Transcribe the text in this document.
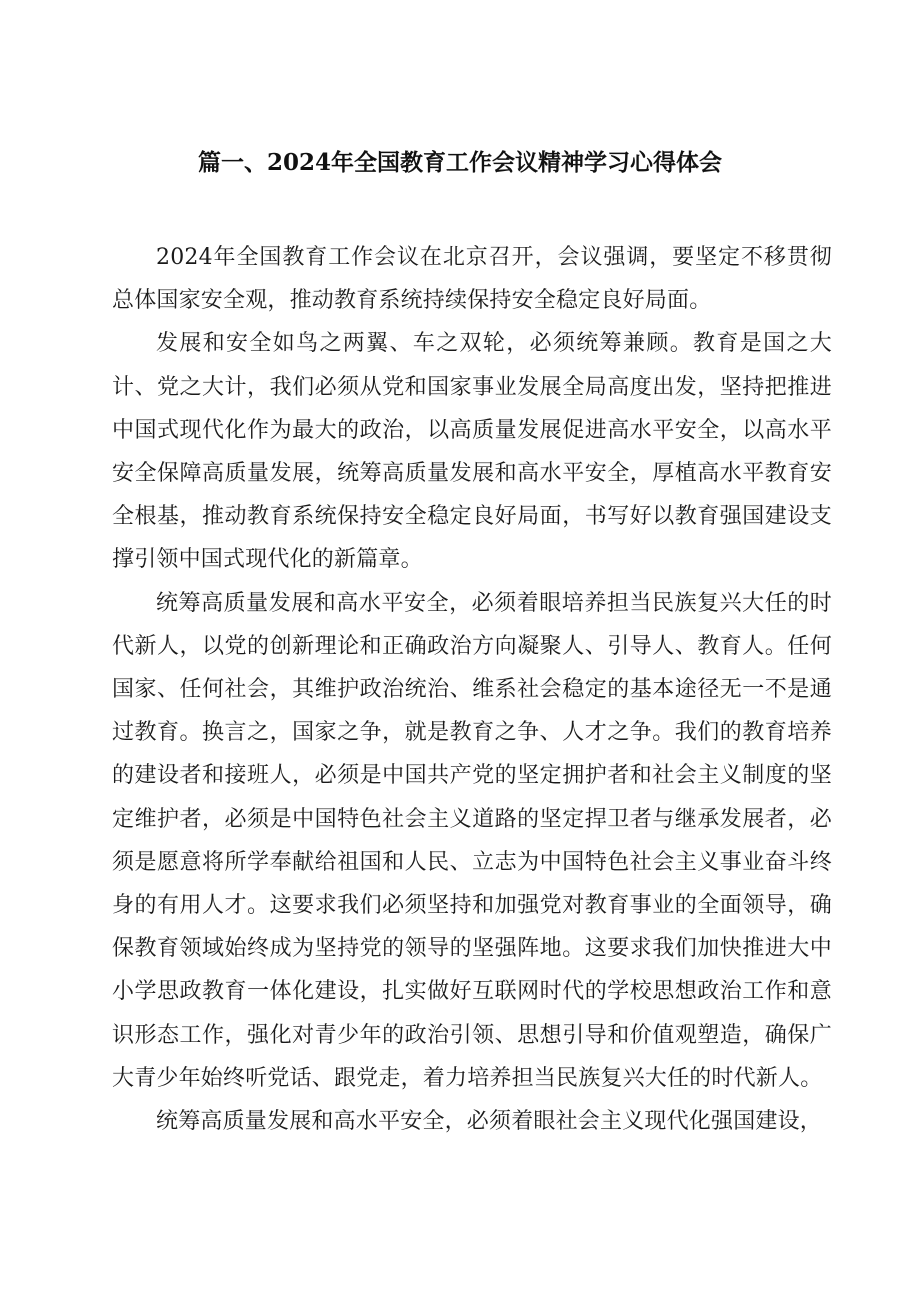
篇一、2024年全国教育工作会议精神学习心得体会

2024年全国教育工作会议在北京召开，会议强调，要坚定不移贯彻总体国家安全观，推动教育系统持续保持安全稳定良好局面。

发展和安全如鸟之两翼、车之双轮，必须统筹兼顾。教育是国之大计、党之大计，我们必须从党和国家事业发展全局高度出发，坚持把推进中国式现代化作为最大的政治，以高质量发展促进高水平安全，以高水平安全保障高质量发展，统筹高质量发展和高水平安全，厚植高水平教育安全根基，推动教育系统保持安全稳定良好局面，书写好以教育强国建设支撑引领中国式现代化的新篇章。

统筹高质量发展和高水平安全，必须着眼培养担当民族复兴大任的时代新人，以党的创新理论和正确政治方向凝聚人、引导人、教育人。任何国家、任何社会，其维护政治统治、维系社会稳定的基本途径无一不是通过教育。换言之，国家之争，就是教育之争、人才之争。我们的教育培养的建设者和接班人，必须是中国共产党的坚定拥护者和社会主义制度的坚定维护者，必须是中国特色社会主义道路的坚定捍卫者与继承发展者，必须是愿意将所学奉献给祖国和人民、立志为中国特色社会主义事业奋斗终身的有用人才。这要求我们必须坚持和加强党对教育事业的全面领导，确保教育领域始终成为坚持党的领导的坚强阵地。这要求我们加快推进大中小学思政教育一体化建设，扎实做好互联网时代的学校思想政治工作和意识形态工作，强化对青少年的政治引领、思想引导和价值观塑造，确保广大青少年始终听党话、跟党走，着力培养担当民族复兴大任的时代新人。

统筹高质量发展和高水平安全，必须着眼社会主义现代化强国建设，
